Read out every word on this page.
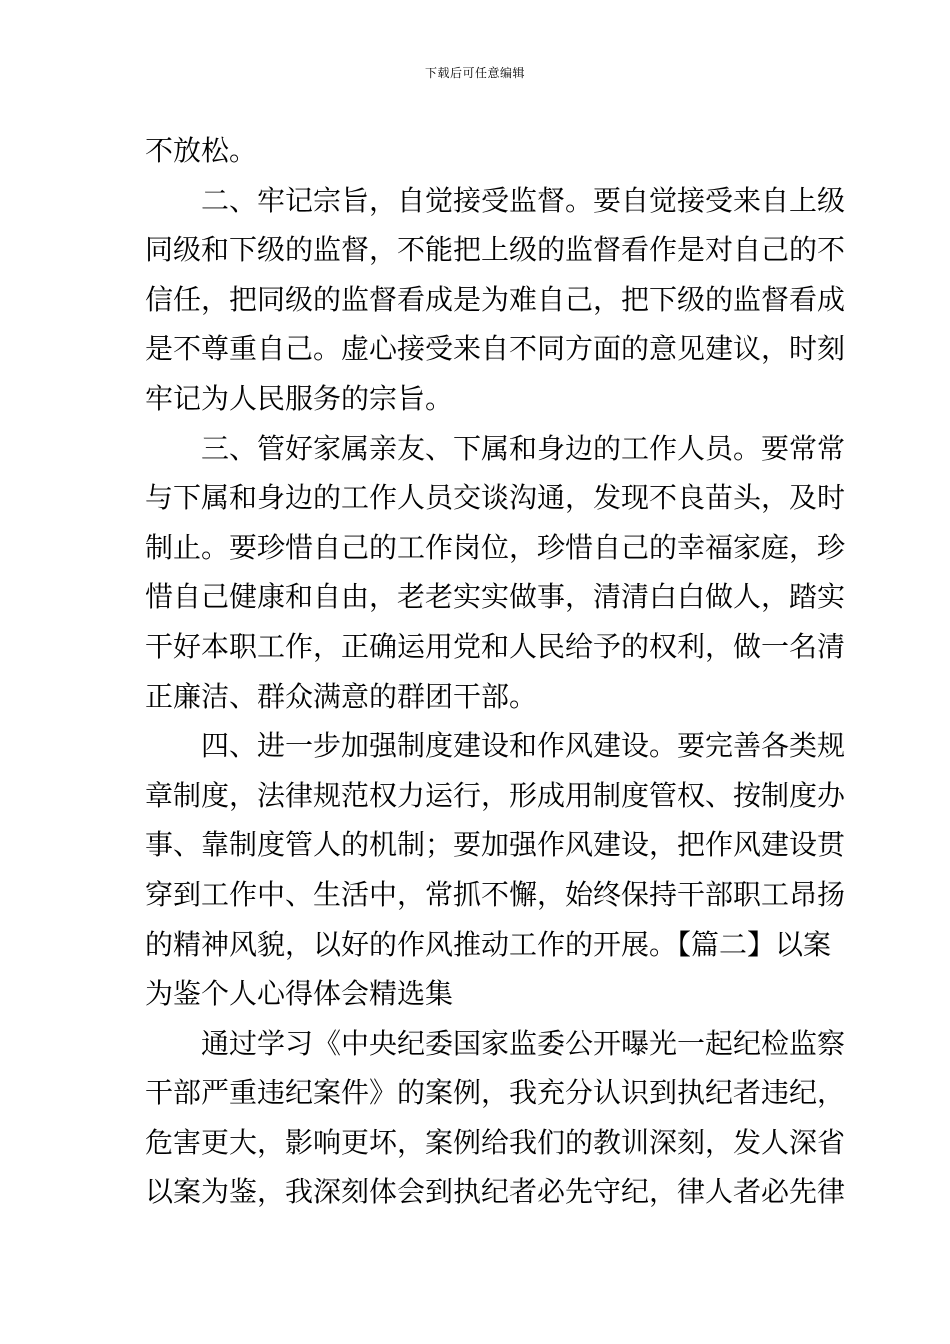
下载后可任意编辑
不放松。
二、牢记宗旨，自觉接受监督。要自觉接受来自上级
同级和下级的监督，不能把上级的监督看作是对自己的不
信任，把同级的监督看成是为难自己，把下级的监督看成
是不尊重自己。虚心接受来自不同方面的意见建议，时刻
牢记为人民服务的宗旨。
三、管好家属亲友、下属和身边的工作人员。要常常
与下属和身边的工作人员交谈沟通，发现不良苗头，及时
制止。要珍惜自己的工作岗位，珍惜自己的幸福家庭，珍
惜自己健康和自由，老老实实做事，清清白白做人，踏实
干好本职工作，正确运用党和人民给予的权利，做一名清
正廉洁、群众满意的群团干部。
四、进一步加强制度建设和作风建设。要完善各类规
章制度，法律规范权力运行，形成用制度管权、按制度办
事、靠制度管人的机制；要加强作风建设，把作风建设贯
穿到工作中、生活中，常抓不懈，始终保持干部职工昂扬
的精神风貌，以好的作风推动工作的开展。【篇二】以案
为鉴个人心得体会精选集
通过学习《中央纪委国家监委公开曝光一起纪检监察
干部严重违纪案件》的案例，我充分认识到执纪者违纪，
危害更大，影响更坏，案例给我们的教训深刻，发人深省
以案为鉴，我深刻体会到执纪者必先守纪，律人者必先律
